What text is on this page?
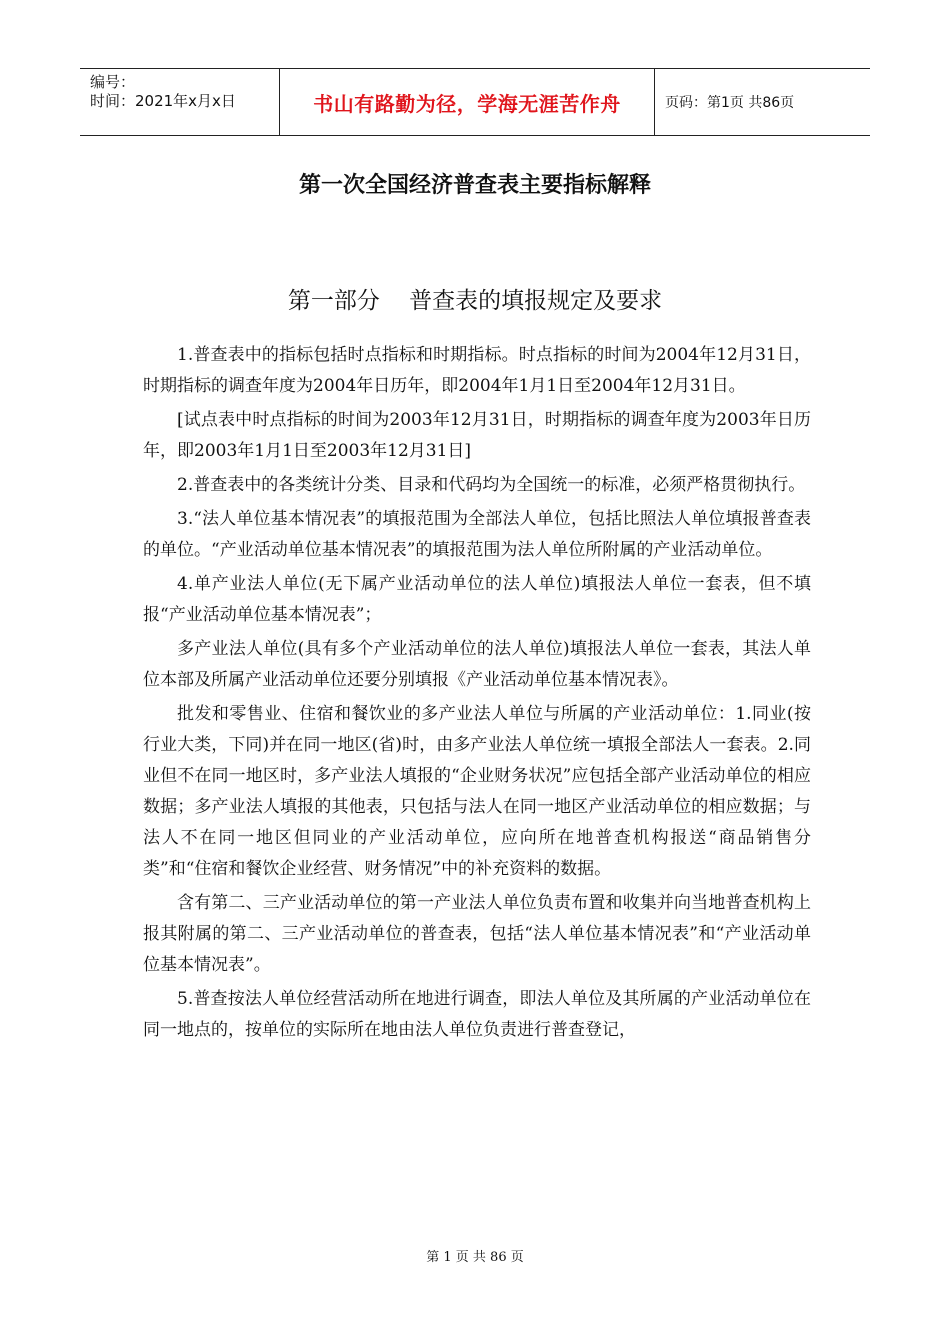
编号：
时间：2021年x月x日	书山有路勤为径，学海无涯苦作舟	页码：第1页 共86页
第一次全国经济普查表主要指标解释
第一部分    普查表的填报规定及要求

1.普查表中的指标包括时点指标和时期指标。时点指标的时间为2004年12月31日，时期指标的调查年度为2004年日历年，即2004年1月1日至2004年12月31日。

[试点表中时点指标的时间为2003年12月31日，时期指标的调查年度为2003年日历年，即2003年1月1日至2003年12月31日]

2.普查表中的各类统计分类、目录和代码均为全国统一的标准，必须严格贯彻执行。

3.“法人单位基本情况表”的填报范围为全部法人单位，包括比照法人单位填报普查表的单位。“产业活动单位基本情况表”的填报范围为法人单位所附属的产业活动单位。

4.单产业法人单位(无下属产业活动单位的法人单位)填报法人单位一套表，但不填报“产业活动单位基本情况表”；

多产业法人单位(具有多个产业活动单位的法人单位)填报法人单位一套表，其法人单位本部及所属产业活动单位还要分别填报《产业活动单位基本情况表》。

批发和零售业、住宿和餐饮业的多产业法人单位与所属的产业活动单位：1.同业(按行业大类，下同)并在同一地区(省)时，由多产业法人单位统一填报全部法人一套表。2.同业但不在同一地区时，多产业法人填报的“企业财务状况”应包括全部产业活动单位的相应数据；多产业法人填报的其他表，只包括与法人在同一地区产业活动单位的相应数据；与法人不在同一地区但同业的产业活动单位，应向所在地普查机构报送“商品销售分类”和“住宿和餐饮企业经营、财务情况”中的补充资料的数据。

含有第二、三产业活动单位的第一产业法人单位负责布置和收集并向当地普查机构上报其附属的第二、三产业活动单位的普查表，包括“法人单位基本情况表”和“产业活动单位基本情况表”。

5.普查按法人单位经营活动所在地进行调查，即法人单位及其所属的产业活动单位在同一地点的，按单位的实际所在地由法人单位负责进行普查登记，

第 1 页 共 86 页
